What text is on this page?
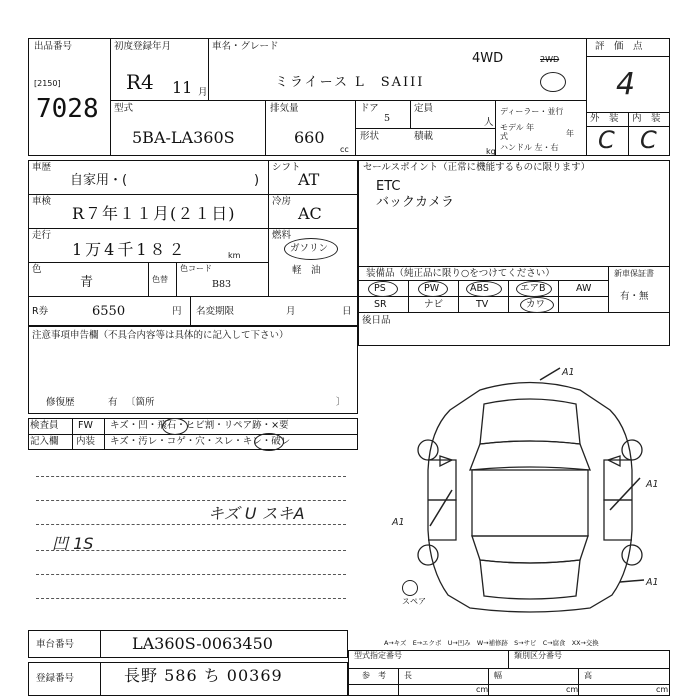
出品番号
[2150]
7028
初度登録年月
R4 11 月
車名・グレード
4WD	2WD
ミライース L　SAIII
評　価　点
4
外　装 内　装
C C
型式
5BA-LA360S
排気量
660
cc
ドア
5
定員
人
形状	積載
kg
ディーラー・並行
モデル 年式	年
ハンドル 左・右
車歴
自家用・(	)
シフト
AT
車検
R７年１１月(２１日)
冷房
AC
走行
1万4千1８２	km
燃料
ガソリン
軽　油
色
青	色替
色コード
B83
R券	6550	円 名変期限	月	日
セールスポイント（正常に機能するものに限ります）
ETC
バックカメラ
装備品（純正品に限り○をつけてください）
PS	PW	ABS	エアB	AW
SR	ナビ	TV	カワ
新車保証書
有・無
後日品
注意事項申告欄（不具合内容等は具体的に記入して下さい）
修復歴	有 〔箇所	〕
検査員
記入欄
FW キズ・凹・飛石・ヒビ割・リペア跡・×要
内装 キズ・汚レ・コゲ・穴・スレ・キレ・破レ
キズ U スキA
凹 1S
A1
A1
A1
A1
スペア
車台番号	LA360S-0063450	A→キズ　E→エクボ　U→凹み　W→補修跡　S→サビ　C→腐食　XX→交換
登録番号	長野 586 ち 00369
型式指定番号	類別区分番号
参　考 長	幅	高
cm	cm	cm
